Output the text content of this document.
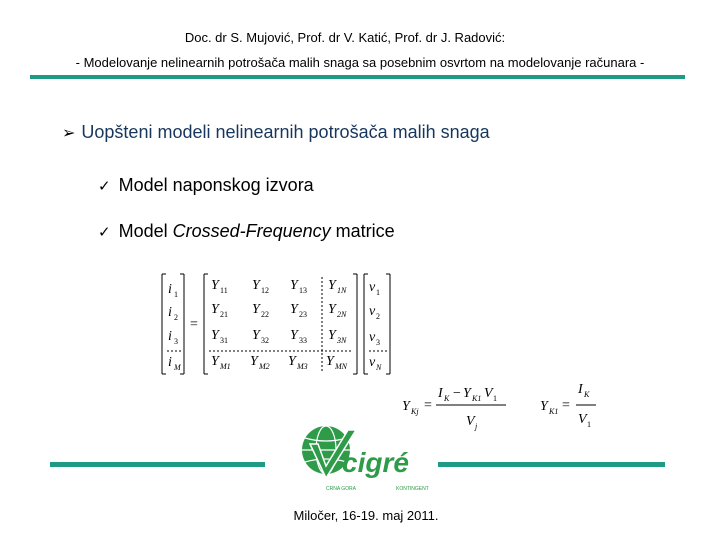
Doc. dr S. Mujović, Prof. dr V. Katić, Prof. dr J. Radović:
- Modelovanje nelinearnih potrošača malih snaga sa posebnim osvrtom na modelovanje računara -
➢ Uopšteni modeli nelinearnih potrošača malih snaga
✓ Model naponskog izvora
✓ Model Crossed-Frequency matrice
i 1
i 2
i 3
i M
=
Y 11 Y 12 Y 13 Y 1N
Y 21 Y 22 Y 23 Y 2N
Y 31 Y 32 Y 33 Y 3N
Y M1 Y M2 Y M3 Y MN
v 1
v 2
v 3
v N
Y Kj =
I K − Y K1 V 1
V j
Y K1 =
I K
V 1
cigré
CRNA GORA	KONTINGENT
Miločer, 16-19. maj 2011.
